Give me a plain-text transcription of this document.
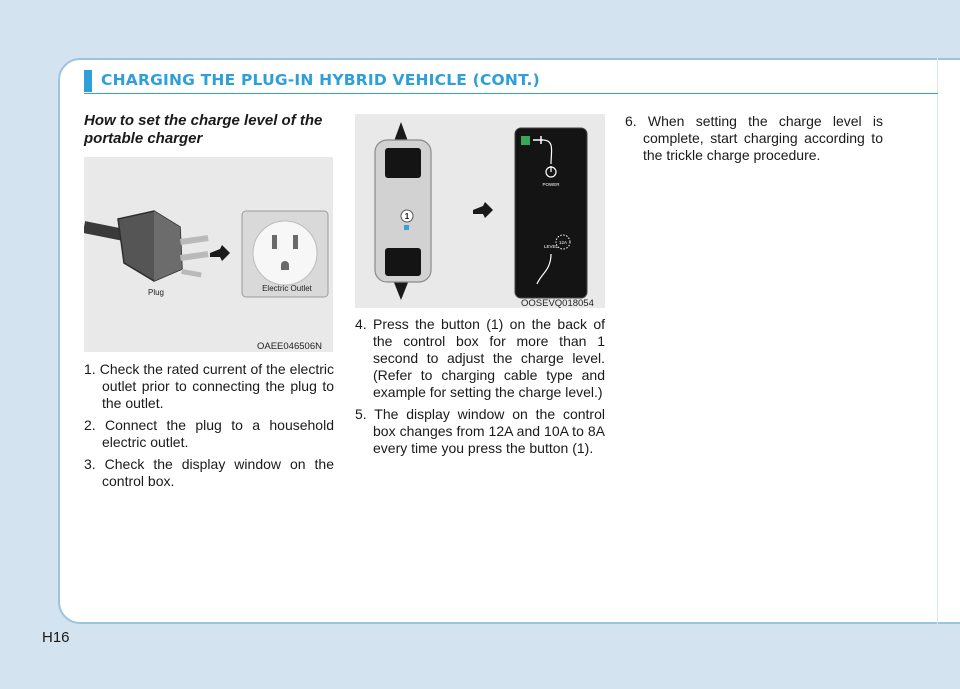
CHARGING THE PLUG-IN HYBRID VEHICLE (CONT.)
How to set the charge level of the portable charger
Plug	Electric Outlet
OAEE046506N
1
POWER
LEVEL
12A
OOSEVQ018054
1. Check the rated current of the electric outlet prior to connecting the plug to the outlet.
2. Connect the plug to a household electric outlet.
3. Check the display window on the control box.
4. Press the button (1) on the back of the control box for more than 1 second to adjust the charge level. (Refer to charging cable type and example for setting the charge level.)
5. The display window on the control box changes from 12A and 10A to 8A every time you press the button (1).
6. When setting the charge level is complete, start charging according to the trickle charge procedure.
H16
